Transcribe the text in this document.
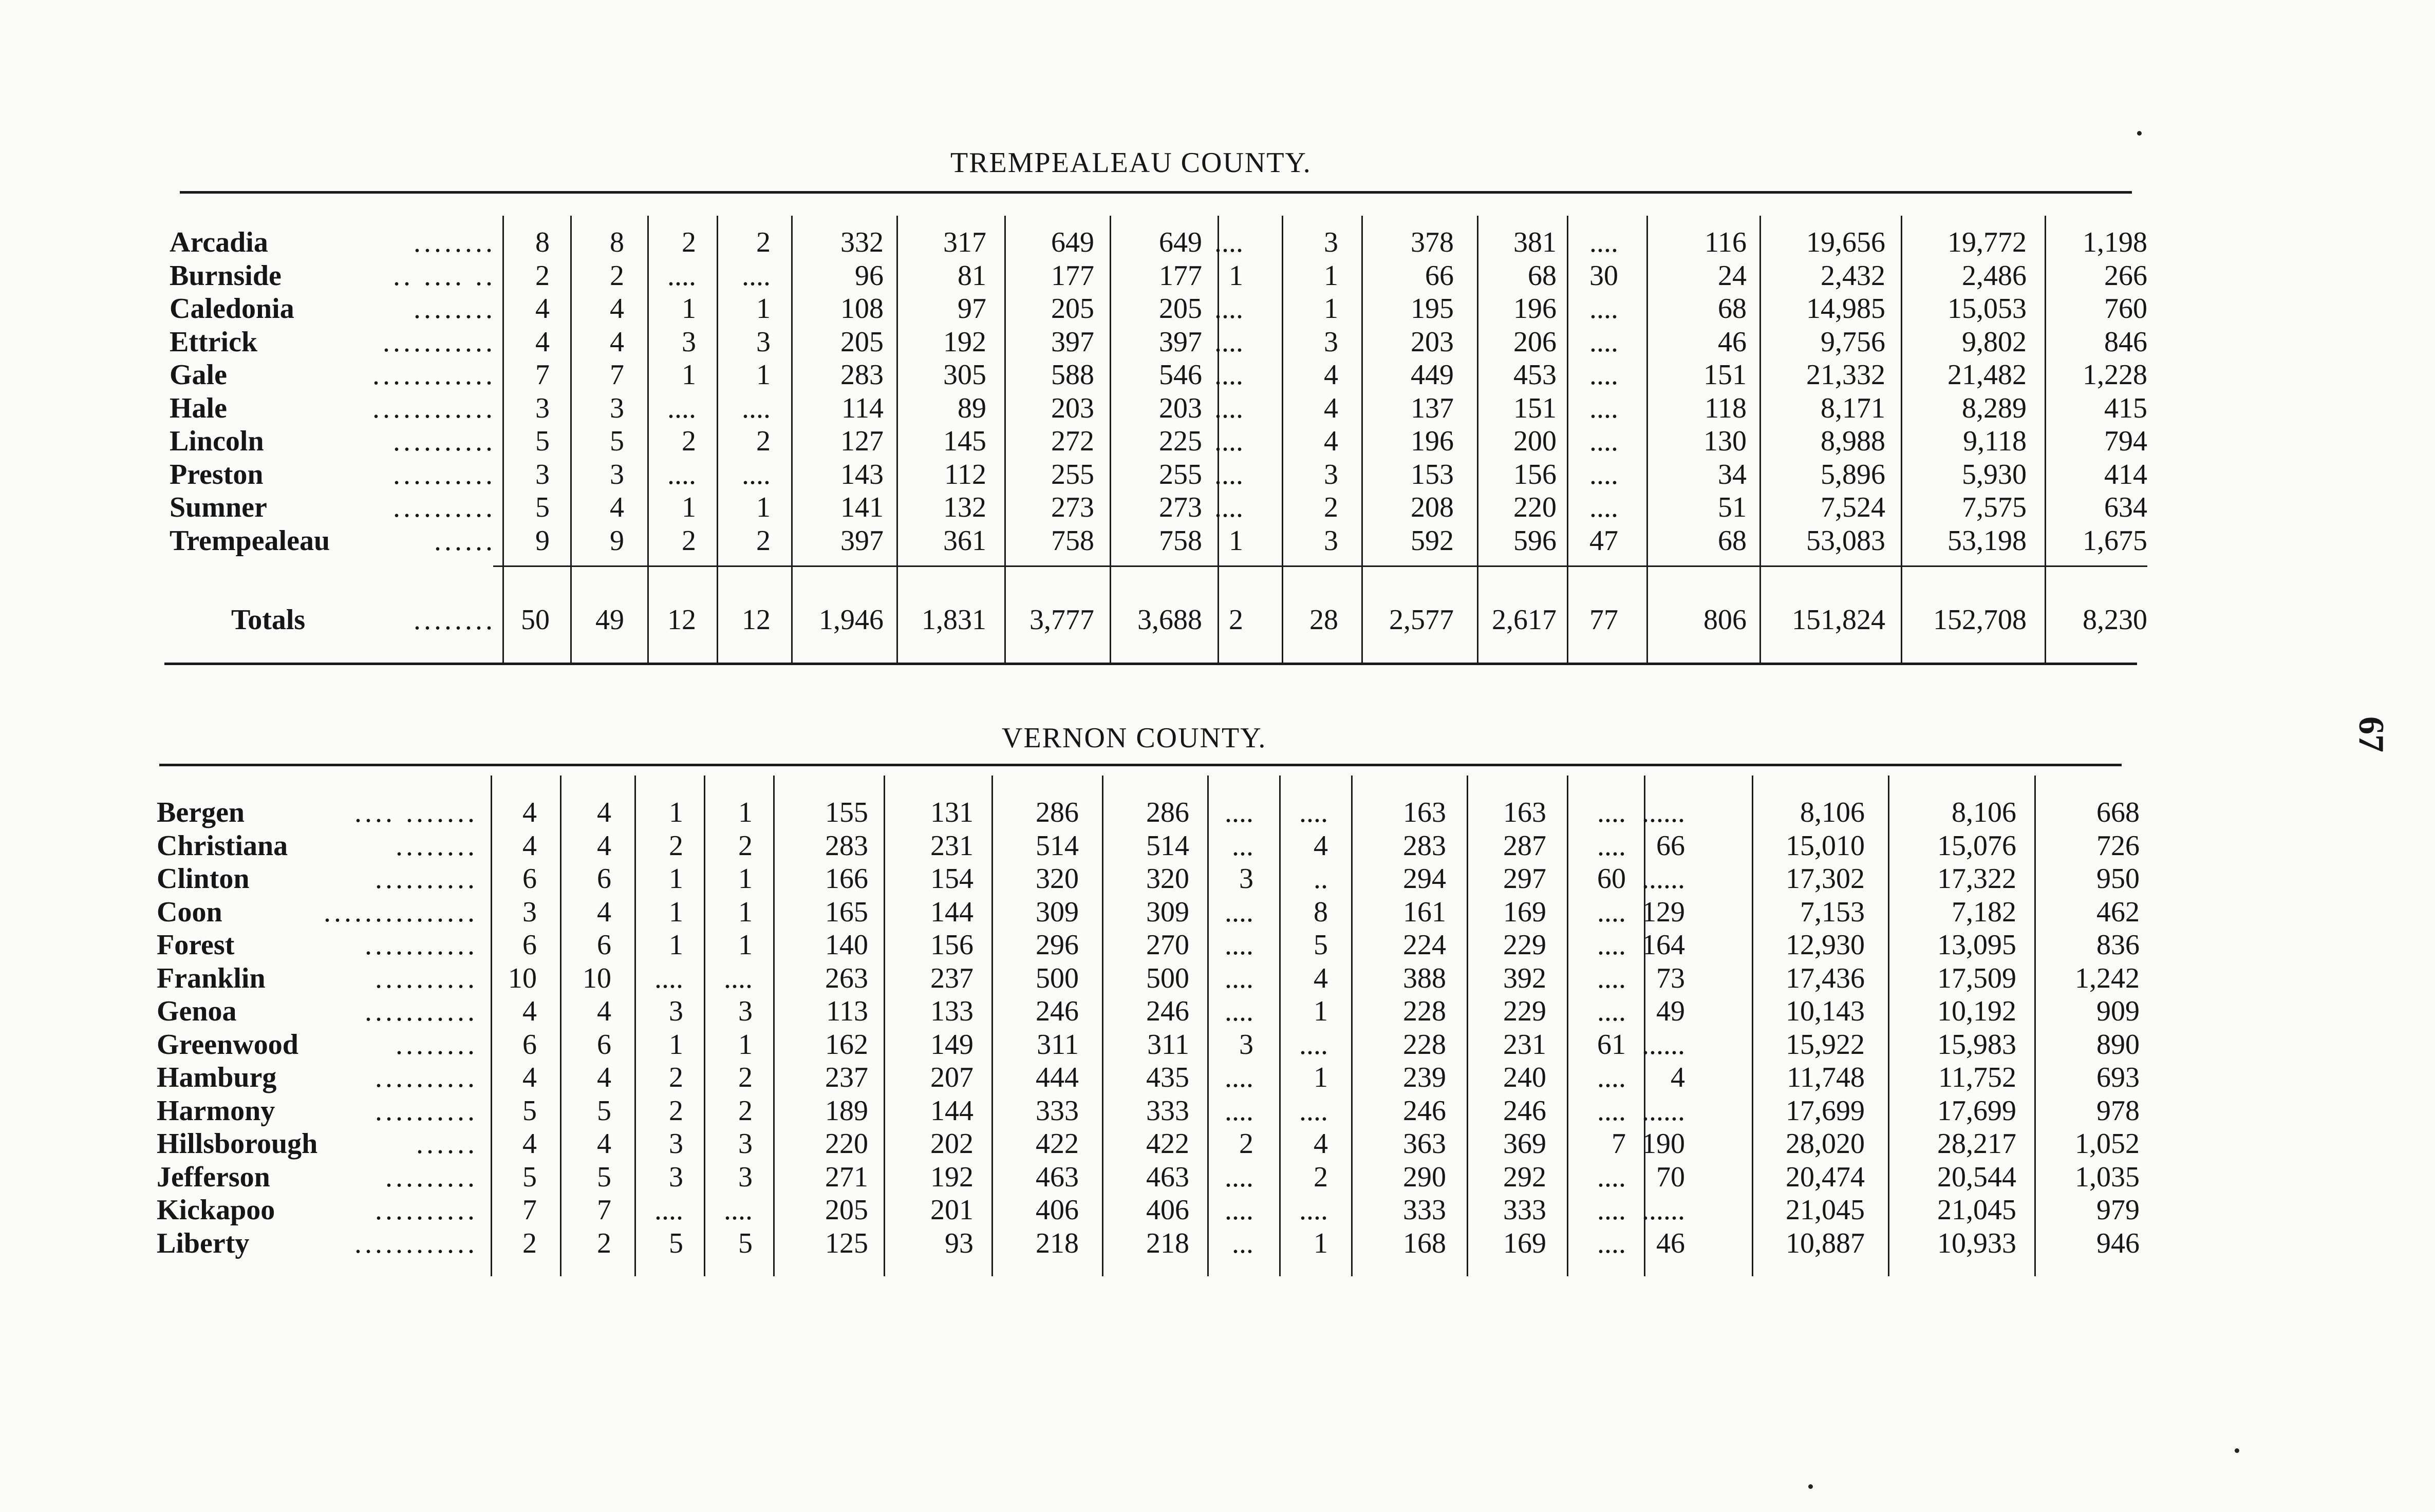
TREMPEALEAU COUNTY.
Arcadia	........ 8 8 2 2 332 317 649 649 ....	3	378 381 ....	116 19,656 19,772 1,198
Burnside	.. .... .. 2 2 .... ....	96	81 177 177 1	1	66	68 30	24	2,432	2,486	266
Caledonia	........ 4 4 1 1 108	97 205 205 ....	1	195 196 ....	68 14,985 15,053	760
Ettrick	........... 4 4 3 3 205 192 397 397 ....	3	203 206 ....	46	9,756	9,802	846
Gale	............ 7 7 1 1 283 305 588 546 ....	4	449 453 ....	151 21,332 21,482 1,228
Hale	............ 3 3 .... .... 114	89 203 203 ....	4	137 151 ....	118	8,171	8,289	415
Lincoln	.......... 5 5 2 2 127 145 272 225 ....	4	196 200 ....	130	8,988	9,118	794
Preston	.......... 3 3 .... .... 143 112 255 255 ....	3	153 156 ....	34	5,896	5,930	414
Sumner	.......... 5 4 1 1 141 132 273 273 ....	2	208 220 ....	51	7,524	7,575	634
Trempealeau	...... 9 9 2 2 397 361 758 758 1	3	592 596 47	68 53,083 53,198 1,675
Totals	........ 50 49 12 12 1,946 1,831 3,777 3,688 2 28 2,577 2,617 77	806 151,824 152,708 8,230
VERNON COUNTY.
Bergen	.... ....... 4 4 1 1	155 131 286 286 .... ....	163 163 .... ......	8,106	8,106	668
Christiana	........ 4 4 2 2	283 231 514 514 ... 4	283 287 .... 66	15,010	15,076	726
Clinton	.......... 6 6 1 1	166 154 320 320 3 ..	294 297 60 ......	17,302	17,322	950
Coon	............... 3 4 1 1	165 144 309 309 .... 8	161 169 .... 129	7,153	7,182	462
Forest	........... 6 6 1 1	140 156 296 270 .... 5	224 229 .... 164	12,930	13,095	836
Franklin	.......... 10 10 .... ....	263 237 500 500 .... 4	388 392 .... 73	17,436	17,509 1,242
Genoa	........... 4 4 3 3	113 133 246 246 .... 1	228 229 .... 49	10,143	10,192	909
Greenwood	........ 6 6 1 1	162 149 311 311 3 ....	228 231 61 ......	15,922	15,983	890
Hamburg	.......... 4 4 2 2	237 207 444 435 .... 1	239 240 .... 4	11,748	11,752	693
Harmony	.......... 5 5 2 2	189 144 333 333 .... ....	246 246 .... ......	17,699	17,699	978
Hillsborough	...... 4 4 3 3	220 202 422 422 2 4	363 369 7 190	28,020	28,217 1,052
Jefferson	......... 5 5 3 3	271 192 463 463 .... 2	290 292 .... 70	20,474	20,544 1,035
Kickapoo	.......... 7 7 .... ....	205 201 406 406 .... ....	333 333 .... ......	21,045	21,045	979
Liberty	............ 2 2 5 5	125	93 218 218 ... 1	168 169 .... 46	10,887	10,933	946
67
